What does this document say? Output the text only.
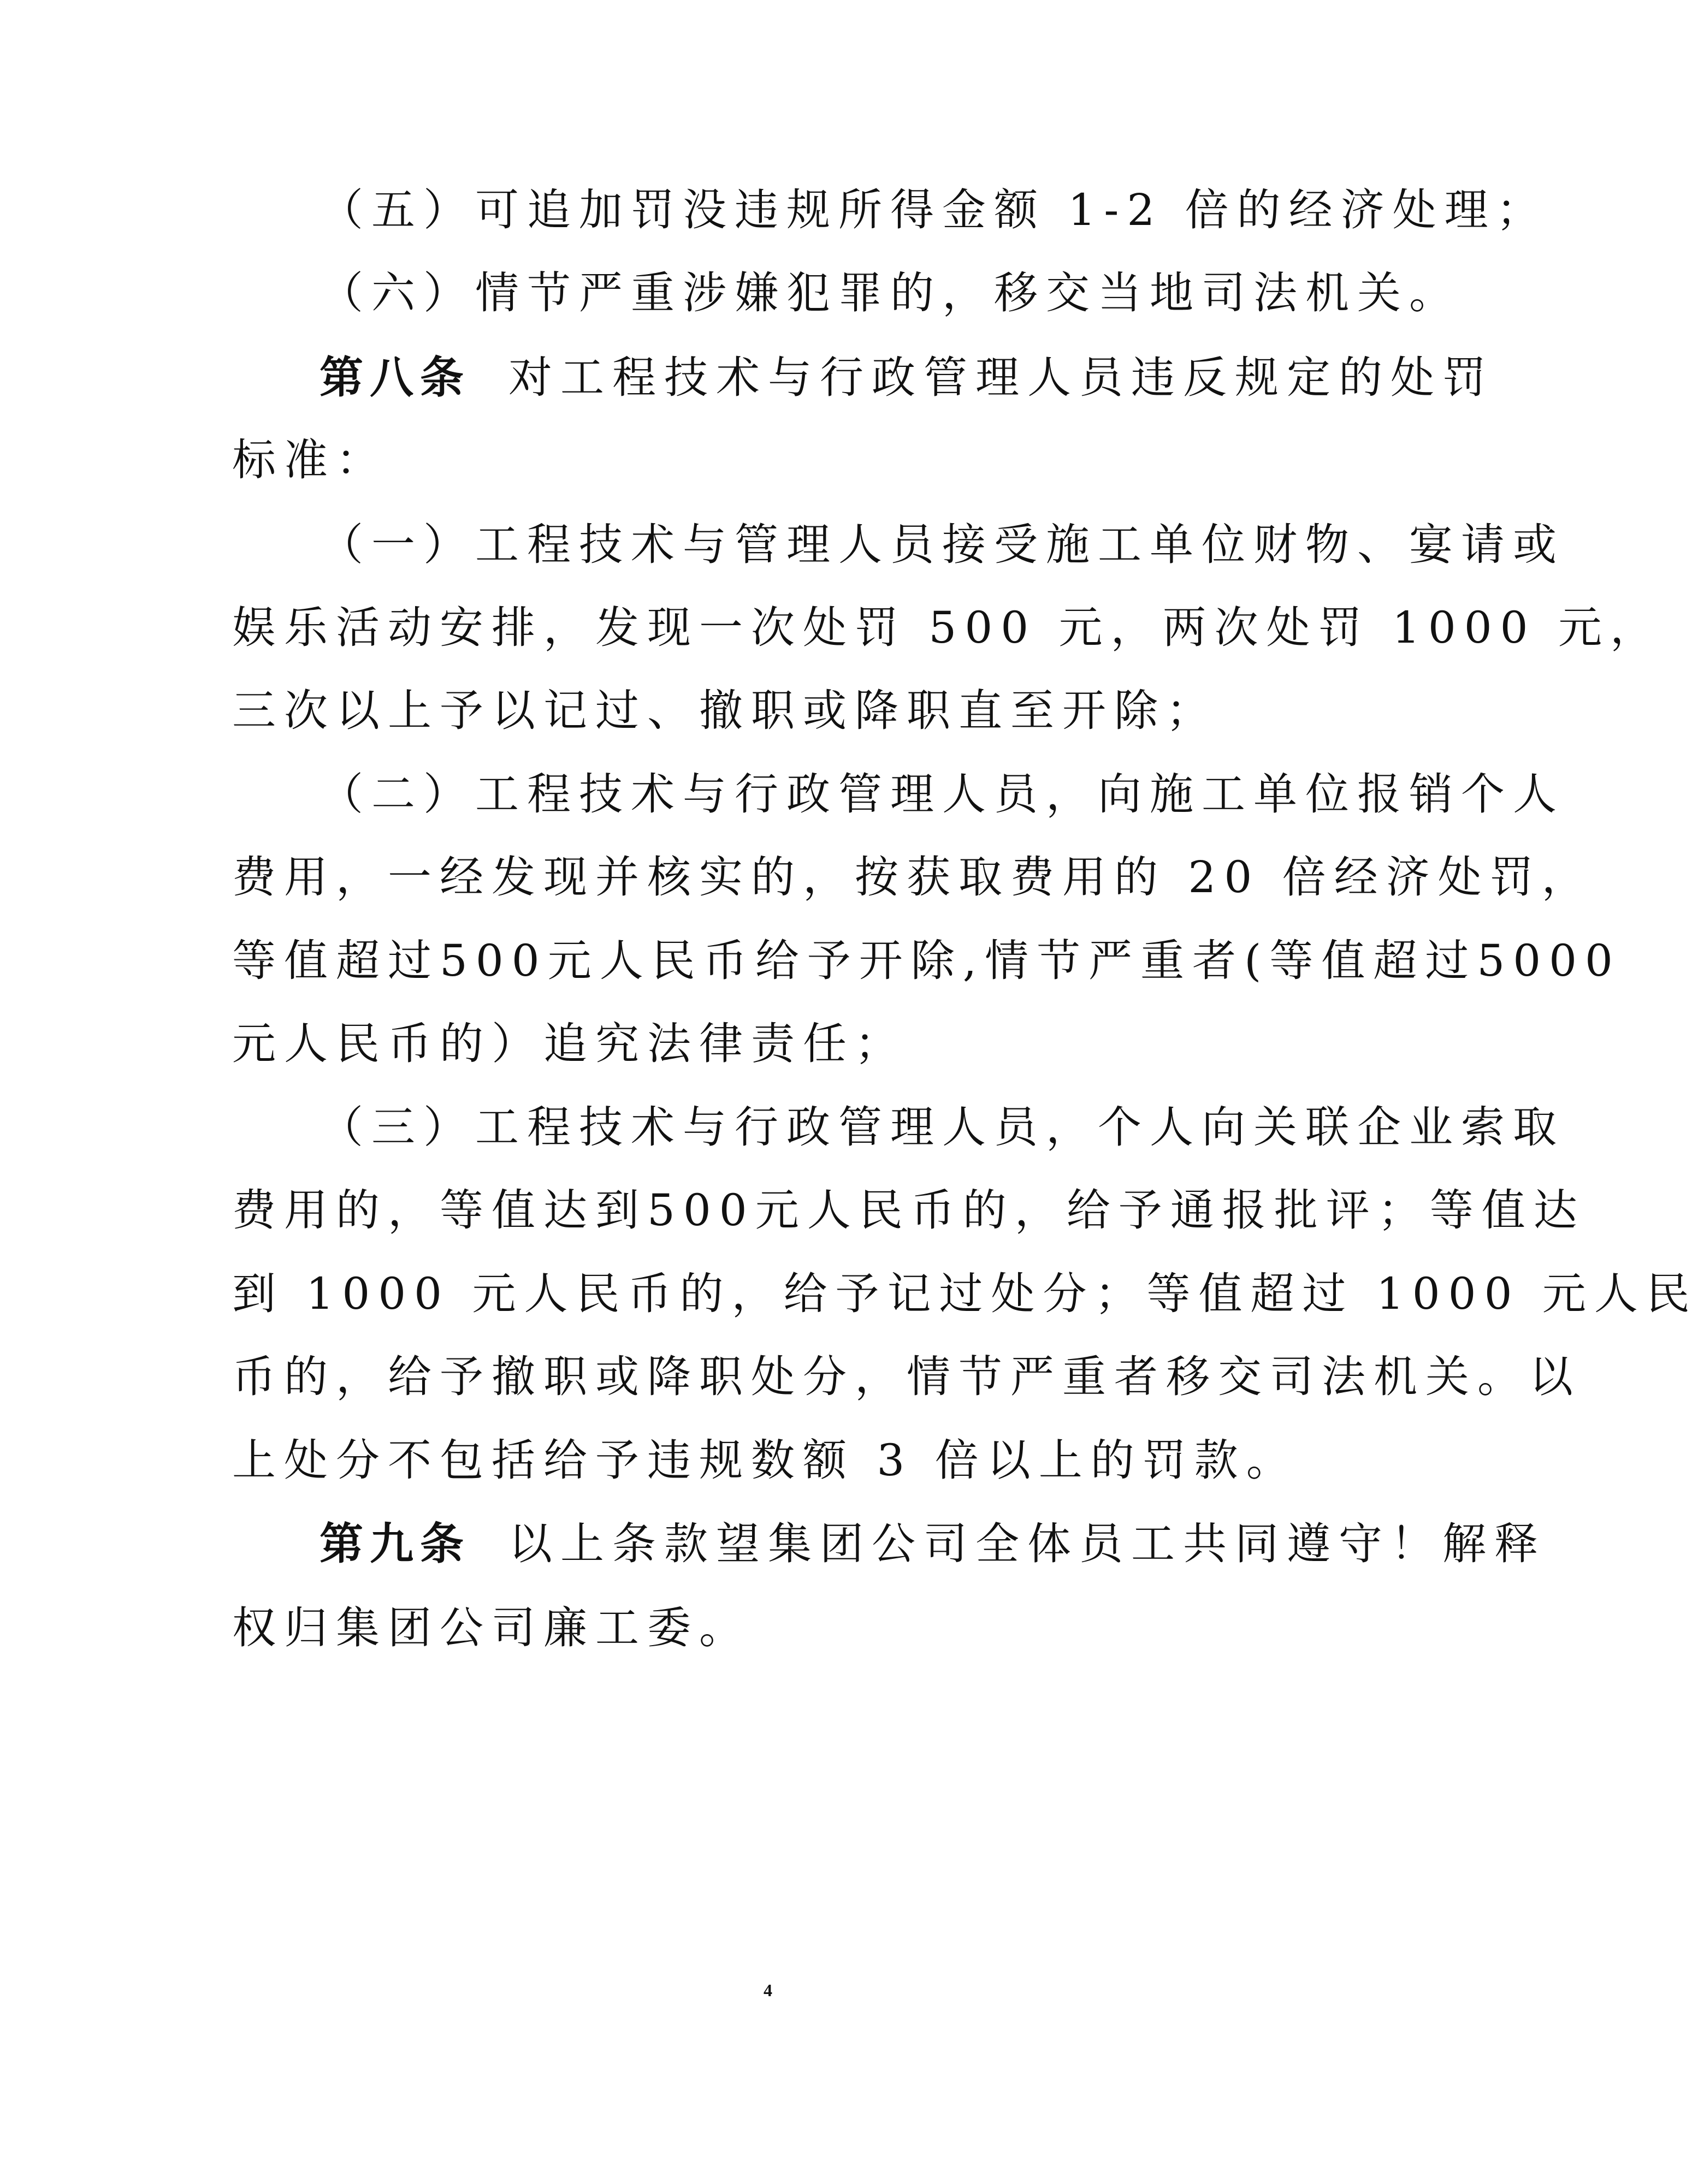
（五）可追加罚没违规所得金额 1-2 倍的经济处理；
（六）情节严重涉嫌犯罪的，移交当地司法机关。
第八条 对工程技术与行政管理人员违反规定的处罚
标准：
（一）工程技术与管理人员接受施工单位财物、宴请或
娱乐活动安排，发现一次处罚 500 元，两次处罚 1000 元，
三次以上予以记过、撤职或降职直至开除；
（二）工程技术与行政管理人员，向施工单位报销个人
费用，一经发现并核实的，按获取费用的 20 倍经济处罚，
等值超过500元人民币给予开除,情节严重者(等值超过5000
元人民币的）追究法律责任；
（三）工程技术与行政管理人员，个人向关联企业索取
费用的，等值达到500元人民币的，给予通报批评；等值达
到 1000 元人民币的，给予记过处分；等值超过 1000 元人民
币的，给予撤职或降职处分，情节严重者移交司法机关。以
上处分不包括给予违规数额 3 倍以上的罚款。
第九条 以上条款望集团公司全体员工共同遵守！解释
权归集团公司廉工委。
4
